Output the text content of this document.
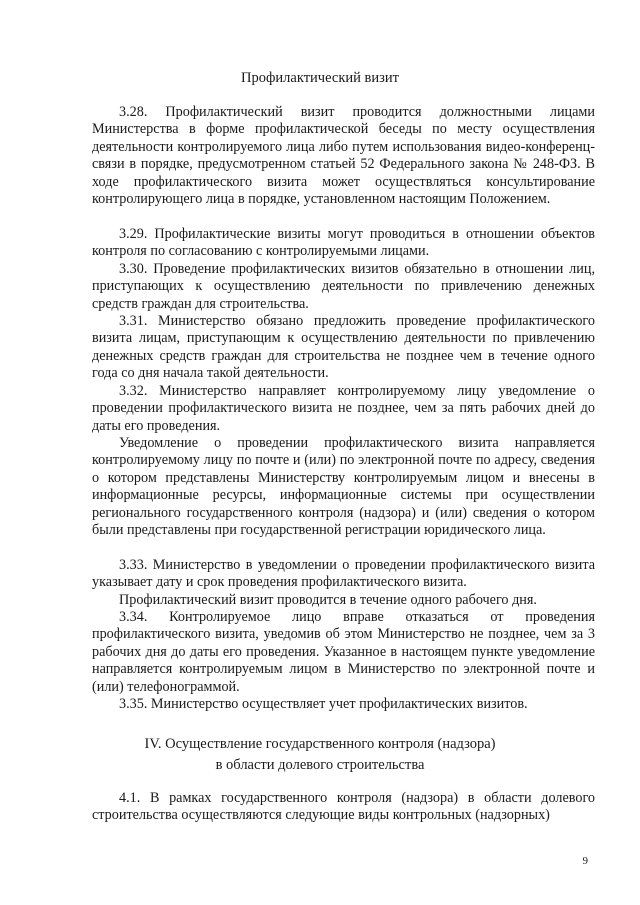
Профилактический визит

3.28. Профилактический визит проводится должностными лицами Министерства в форме профилактической беседы по месту осуществления деятельности контролируемого лица либо путем использования видео-конференц-связи в порядке, предусмотренном статьей 52 Федерального закона № 248-ФЗ. В ходе профилактического визита может осуществляться консультирование контролирующего лица в порядке, установленном настоящим Положением.

3.29. Профилактические визиты могут проводиться в отношении объектов контроля по согласованию с контролируемыми лицами.

3.30. Проведение профилактических визитов обязательно в отношении лиц, приступающих к осуществлению деятельности по привлечению денежных средств граждан для строительства.

3.31. Министерство обязано предложить проведение профилактического визита лицам, приступающим к осуществлению деятельности по привлечению денежных средств граждан для строительства не позднее чем в течение одного года со дня начала такой деятельности.

3.32. Министерство направляет контролируемому лицу уведомление о проведении профилактического визита не позднее, чем за пять рабочих дней до даты его проведения.

Уведомление о проведении профилактического визита направляется контролируемому лицу по почте и (или) по электронной почте по адресу, сведения о котором представлены Министерству контролируемым лицом и внесены в информационные ресурсы, информационные системы при осуществлении регионального государственного контроля (надзора) и (или) сведения о котором были представлены при государственной регистрации юридического лица.

3.33. Министерство в уведомлении о проведении профилактического визита указывает дату и срок проведения профилактического визита.

Профилактический визит проводится в течение одного рабочего дня.

3.34. Контролируемое лицо вправе отказаться от проведения профилактического визита, уведомив об этом Министерство не позднее, чем за 3 рабочих дня до даты его проведения. Указанное в настоящем пункте уведомление направляется контролируемым лицом в Министерство по электронной почте и (или) телефонограммой.

3.35. Министерство осуществляет учет профилактических визитов.

IV. Осуществление государственного контроля (надзора)
в области долевого строительства

4.1. В рамках государственного контроля (надзора) в области долевого строительства осуществляются следующие виды контрольных (надзорных)

9
